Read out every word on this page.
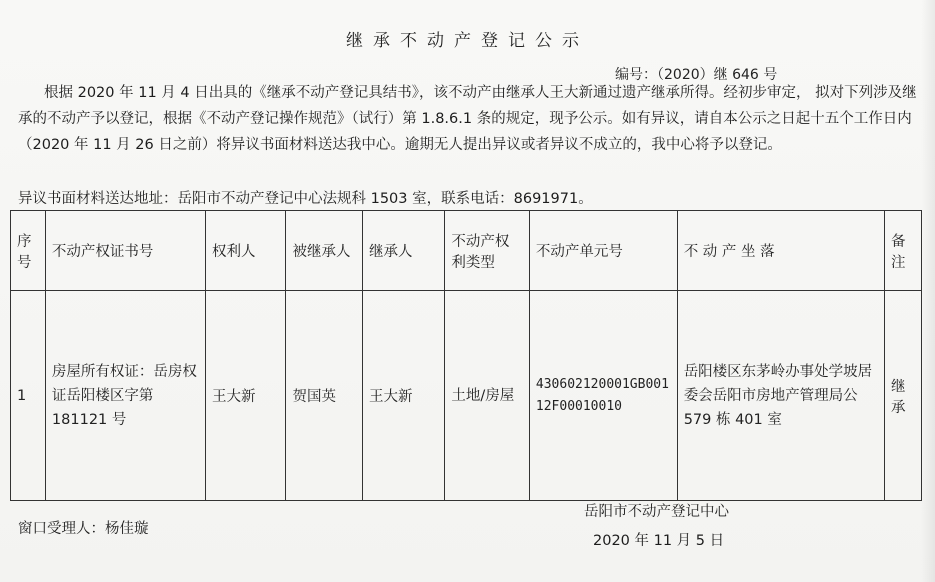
继承不动产登记公示
编号：（2020）继 646 号
根据 2020 年 11 月 4 日出具的《继承不动产登记具结书》，该不动产由继承人王大新通过遗产继承所得。经初步审定， 拟对下列涉及继承的不动产予以登记，根据《不动产登记操作规范》（试行）第 1.8.6.1 条的规定，现予公示。如有异议，请自本公示之日起十五个工作日内（2020 年 11 月 26 日之前）将异议书面材料送达我中心。逾期无人提出异议或者异议不成立的，我中心将予以登记。
异议书面材料送达地址：岳阳市不动产登记中心法规科 1503 室，联系电话：8691971。
序号	不动产权证书号	权利人	被继承人	继承人	不动产权利类型	不动产单元号	不 动 产 坐 落	备注
1	房屋所有权证：岳房权证岳阳楼区字第 181121 号	王大新	贺国英	王大新	土地/房屋	430602120001GB00112F00010010	岳阳楼区东茅岭办事处学坡居委会岳阳市房地产管理局公 579 栋 401 室	继承
窗口受理人：杨佳璇
岳阳市不动产登记中心
2020 年 11 月 5 日
